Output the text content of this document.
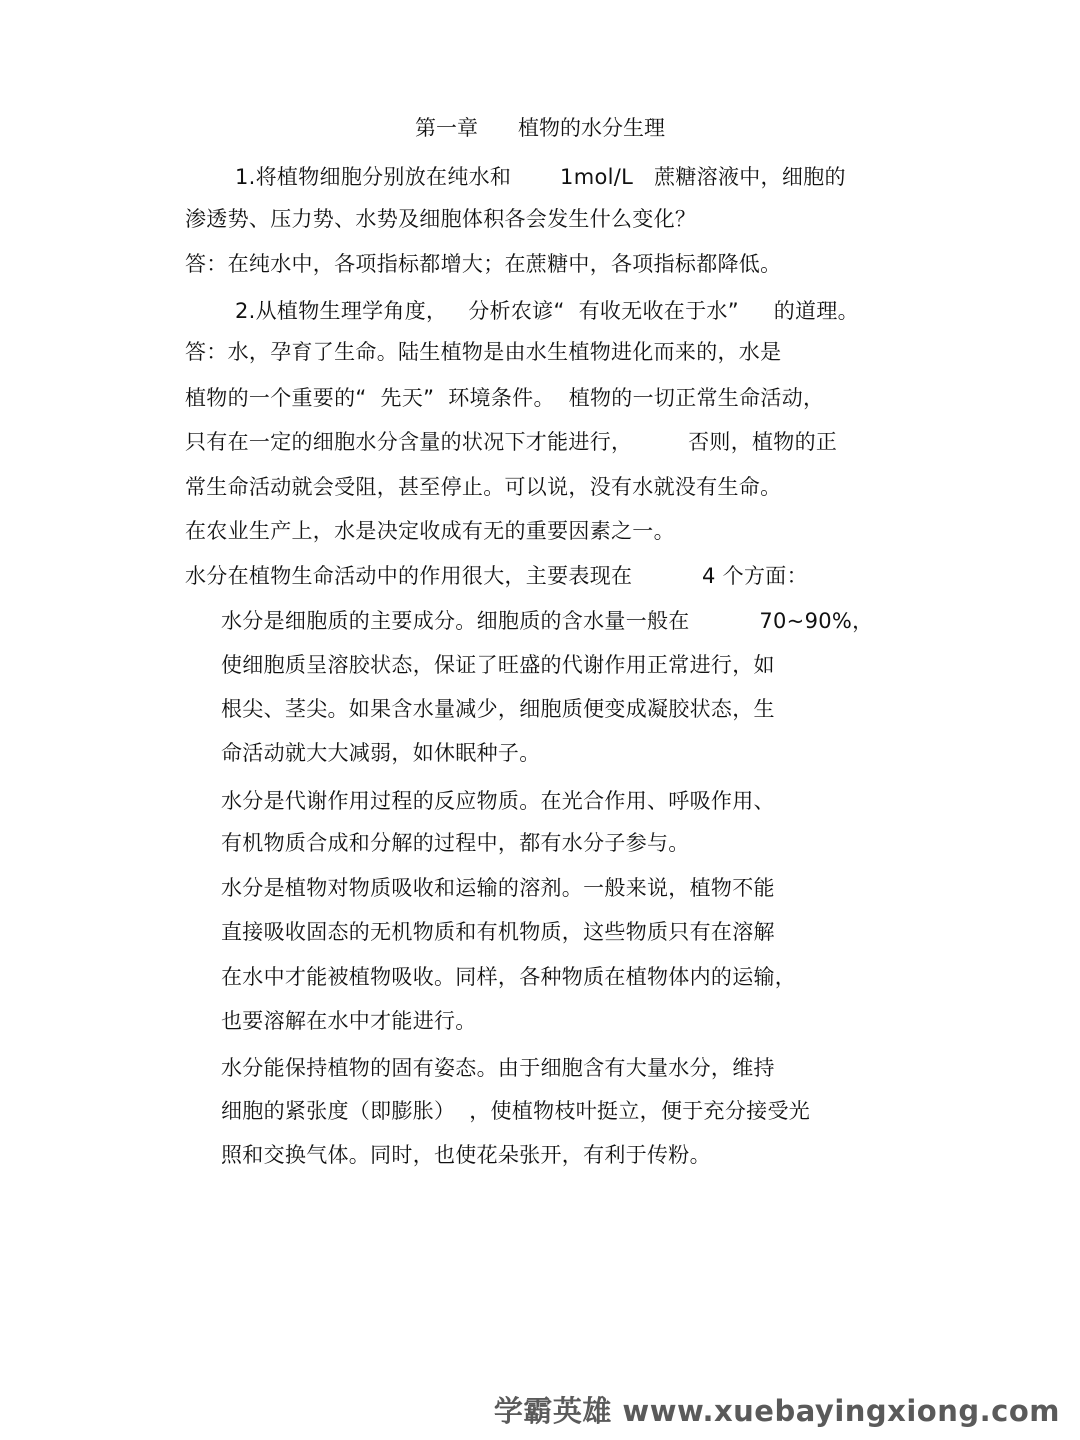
第一章      植物的水分生理
1.将植物细胞分别放在纯水和       1mol/L   蔗糖溶液中，细胞的
渗透势、压力势、水势及细胞体积各会发生什么变化？
答：在纯水中，各项指标都增大；在蔗糖中，各项指标都降低。
2.从植物生理学角度，   分析农谚“  有收无收在于水”     的道理。
答：水，孕育了生命。陆生植物是由水生植物进化而来的，水是
植物的一个重要的“  先天”  环境条件。  植物的一切正常生命活动，
只有在一定的细胞水分含量的状况下才能进行，        否则，植物的正
常生命活动就会受阻，甚至停止。可以说，没有水就没有生命。
在农业生产上，水是决定收成有无的重要因素之一。
水分在植物生命活动中的作用很大，主要表现在          4 个方面：
水分是细胞质的主要成分。细胞质的含水量一般在          70~90%，
使细胞质呈溶胶状态，保证了旺盛的代谢作用正常进行，如
根尖、茎尖。如果含水量减少，细胞质便变成凝胶状态，生
命活动就大大减弱，如休眠种子。
水分是代谢作用过程的反应物质。在光合作用、呼吸作用、
有机物质合成和分解的过程中，都有水分子参与。
水分是植物对物质吸收和运输的溶剂。一般来说，植物不能
直接吸收固态的无机物质和有机物质，这些物质只有在溶解
在水中才能被植物吸收。同样，各种物质在植物体内的运输，
也要溶解在水中才能进行。
水分能保持植物的固有姿态。由于细胞含有大量水分，维持
细胞的紧张度（即膨胀）  ，使植物枝叶挺立，便于充分接受光
照和交换气体。同时，也使花朵张开，有利于传粉。
学霸英雄 www.xuebayingxiong.com
